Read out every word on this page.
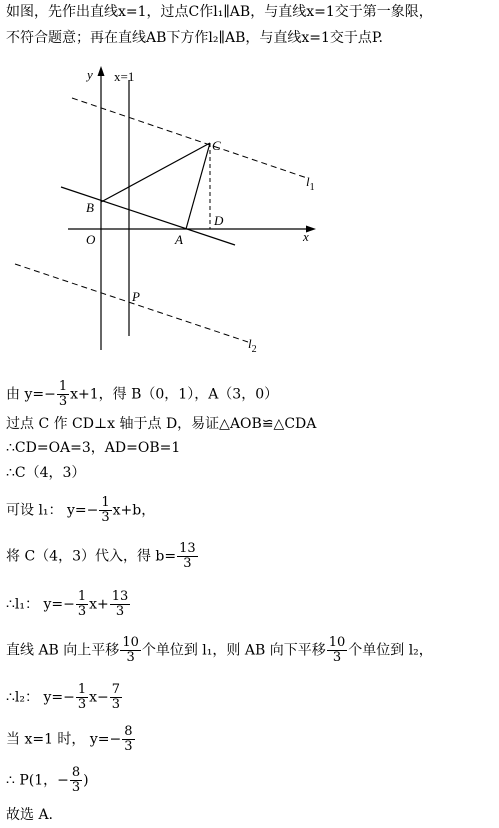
如图，先作出直线x=1，过点C作l₁∥AB，与直线x=1交于第一象限，
不符合题意；再在直线AB下方作l₂∥AB，与直线x=1交于点P.
y x=1
C
$l_1$
B
D
O	A	x
P
$l_2$
由 $y=- \frac{1}{3} x+1$，得 B（0，1），A（3，0）
过点 C 作 CD⊥x 轴于点 D，易证△AOB≌△CDA
∴CD=OA=3，AD=OB=1
∴C（4，3）
可设 l₁： $y=- \frac{1}{3} x+b$，
将 C（4，3）代入，得 $b= \frac{13}{3}$
∴l₁： $y=- \frac{1}{3} x+ \frac{13}{3}$
直线 AB 向上平移 $\frac{10}{3}$ 个单位到 l₁，则 AB 向下平移 $\frac{10}{3}$ 个单位到 l₂，
∴l₂： $y=- \frac{1}{3} x- \frac{7}{3}$
当 x=1 时， $y=- \frac{8}{3}$
∴ P(1，− $\frac{8}{3}$ )
故选 A.
